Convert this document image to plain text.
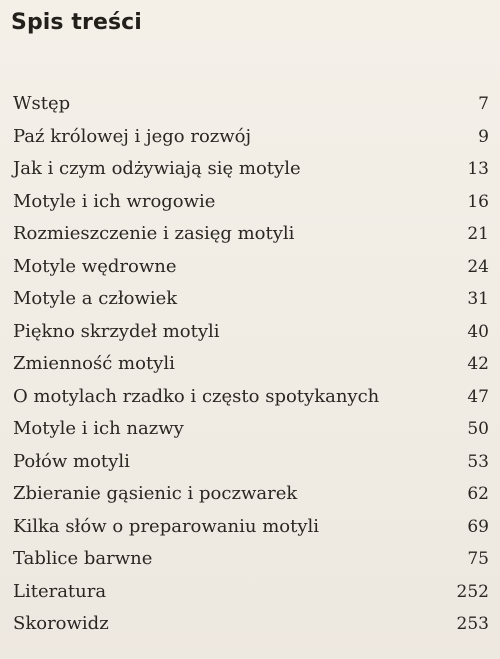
Spis treści
Wstęp	7
Paź królowej i jego rozwój	9
Jak i czym odżywiają się motyle	13
Motyle i ich wrogowie	16
Rozmieszczenie i zasięg motyli	21
Motyle wędrowne	24
Motyle a człowiek	31
Piękno skrzydeł motyli	40
Zmienność motyli	42
O motylach rzadko i często spotykanych	47
Motyle i ich nazwy	50
Połów motyli	53
Zbieranie gąsienic i poczwarek	62
Kilka słów o preparowaniu motyli	69
Tablice barwne	75
Literatura	252
Skorowidz	253
